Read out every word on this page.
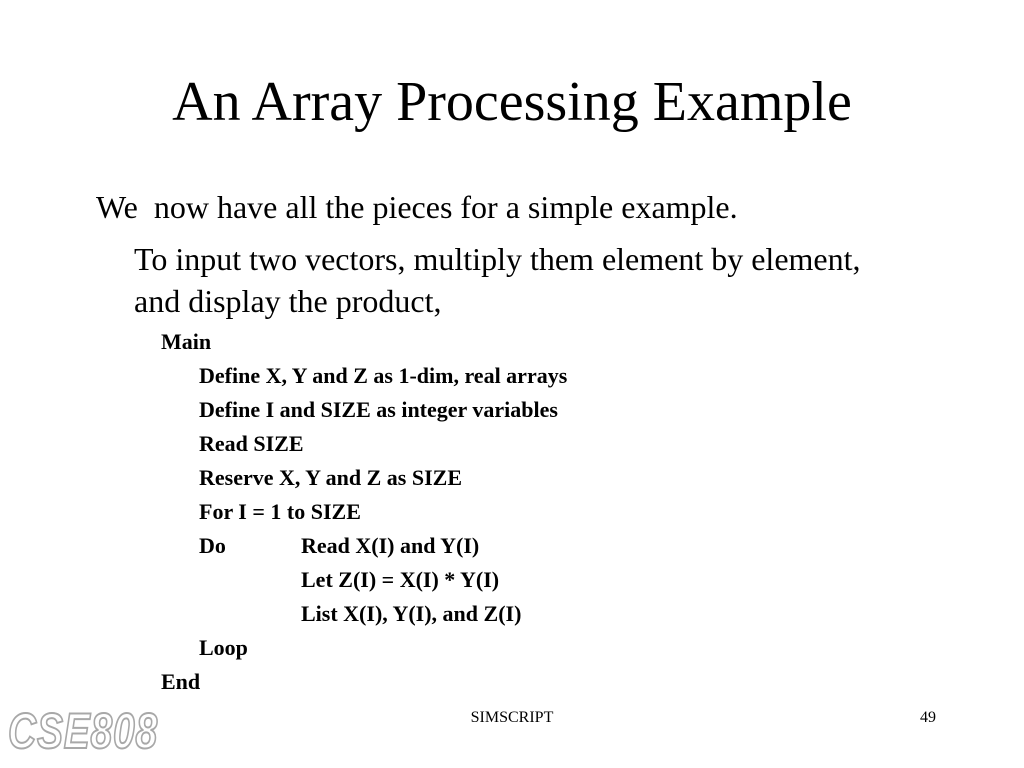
An Array Processing Example
We  now have all the pieces for a simple example.
To input two vectors, multiply them element by element, and display the product,
Main
Define X, Y and Z as 1-dim, real arrays
Define I and SIZE as integer variables
Read SIZE
Reserve X, Y and Z as SIZE
For I = 1 to SIZE
Do	Read X(I) and Y(I)
Let Z(I) = X(I) * Y(I)
List X(I), Y(I), and Z(I)
Loop
End
CSE808	SIMSCRIPT	49
